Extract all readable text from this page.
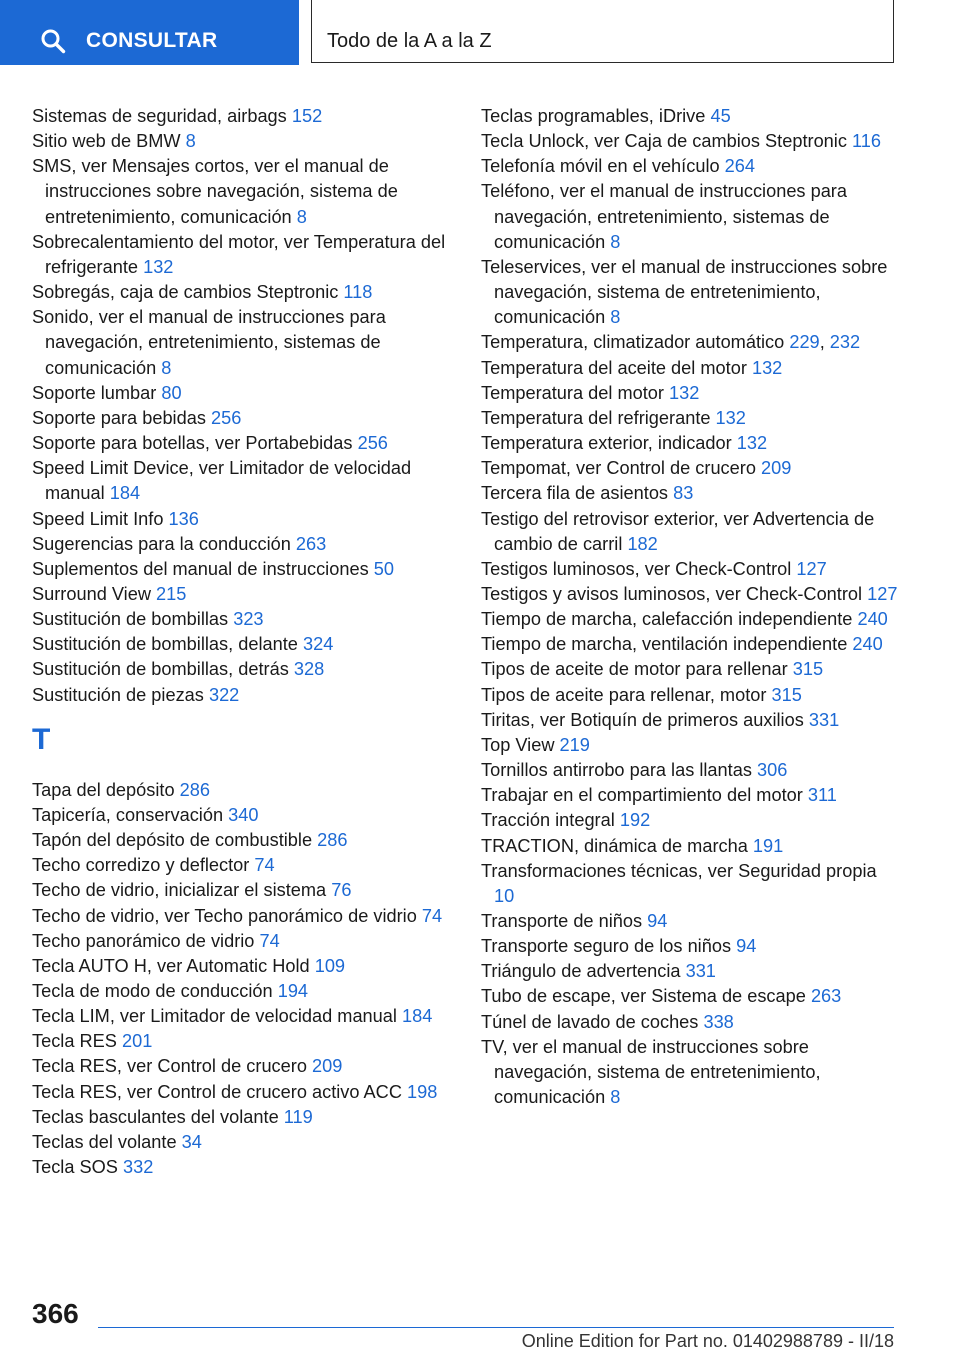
CONSULTAR	Todo de la A a la Z
Sistemas de seguridad, airbags 152
Sitio web de BMW 8
SMS, ver Mensajes cortos, ver el manual de instrucciones sobre navegación, sistema de entretenimiento, comunicación 8
Sobrecalentamiento del motor, ver Temperatura del refrigerante 132
Sobregás, caja de cambios Steptronic 118
Sonido, ver el manual de instrucciones para navegación, entretenimiento, sistemas de comunicación 8
Soporte lumbar 80
Soporte para bebidas 256
Soporte para botellas, ver Portabebidas 256
Speed Limit Device, ver Limitador de velocidad manual 184
Speed Limit Info 136
Sugerencias para la conducción 263
Suplementos del manual de instrucciones 50
Surround View 215
Sustitución de bombillas 323
Sustitución de bombillas, delante 324
Sustitución de bombillas, detrás 328
Sustitución de piezas 322
T
Tapa del depósito 286
Tapicería, conservación 340
Tapón del depósito de combustible 286
Techo corredizo y deflector 74
Techo de vidrio, inicializar el sistema 76
Techo de vidrio, ver Techo panorámico de vidrio 74
Techo panorámico de vidrio 74
Tecla AUTO H, ver Automatic Hold 109
Tecla de modo de conducción 194
Tecla LIM, ver Limitador de velocidad manual 184
Tecla RES 201
Tecla RES, ver Control de crucero 209
Tecla RES, ver Control de crucero activo ACC 198
Teclas basculantes del volante 119
Teclas del volante 34
Tecla SOS 332
Teclas programables, iDrive 45
Tecla Unlock, ver Caja de cambios Steptronic 116
Telefonía móvil en el vehículo 264
Teléfono, ver el manual de instrucciones para navegación, entretenimiento, sistemas de comunicación 8
Teleservices, ver el manual de instrucciones sobre navegación, sistema de entretenimiento, comunicación 8
Temperatura, climatizador automático 229, 232
Temperatura del aceite del motor 132
Temperatura del motor 132
Temperatura del refrigerante 132
Temperatura exterior, indicador 132
Tempomat, ver Control de crucero 209
Tercera fila de asientos 83
Testigo del retrovisor exterior, ver Advertencia de cambio de carril 182
Testigos luminosos, ver Check-Control 127
Testigos y avisos luminosos, ver Check-Control 127
Tiempo de marcha, calefacción independiente 240
Tiempo de marcha, ventilación independiente 240
Tipos de aceite de motor para rellenar 315
Tipos de aceite para rellenar, motor 315
Tiritas, ver Botiquín de primeros auxilios 331
Top View 219
Tornillos antirrobo para las llantas 306
Trabajar en el compartimiento del motor 311
Tracción integral 192
TRACTION, dinámica de marcha 191
Transformaciones técnicas, ver Seguridad propia 10
Transporte de niños 94
Transporte seguro de los niños 94
Triángulo de advertencia 331
Tubo de escape, ver Sistema de escape 263
Túnel de lavado de coches 338
TV, ver el manual de instrucciones sobre navegación, sistema de entretenimiento, comunicación 8
366
Online Edition for Part no. 01402988789 - II/18
